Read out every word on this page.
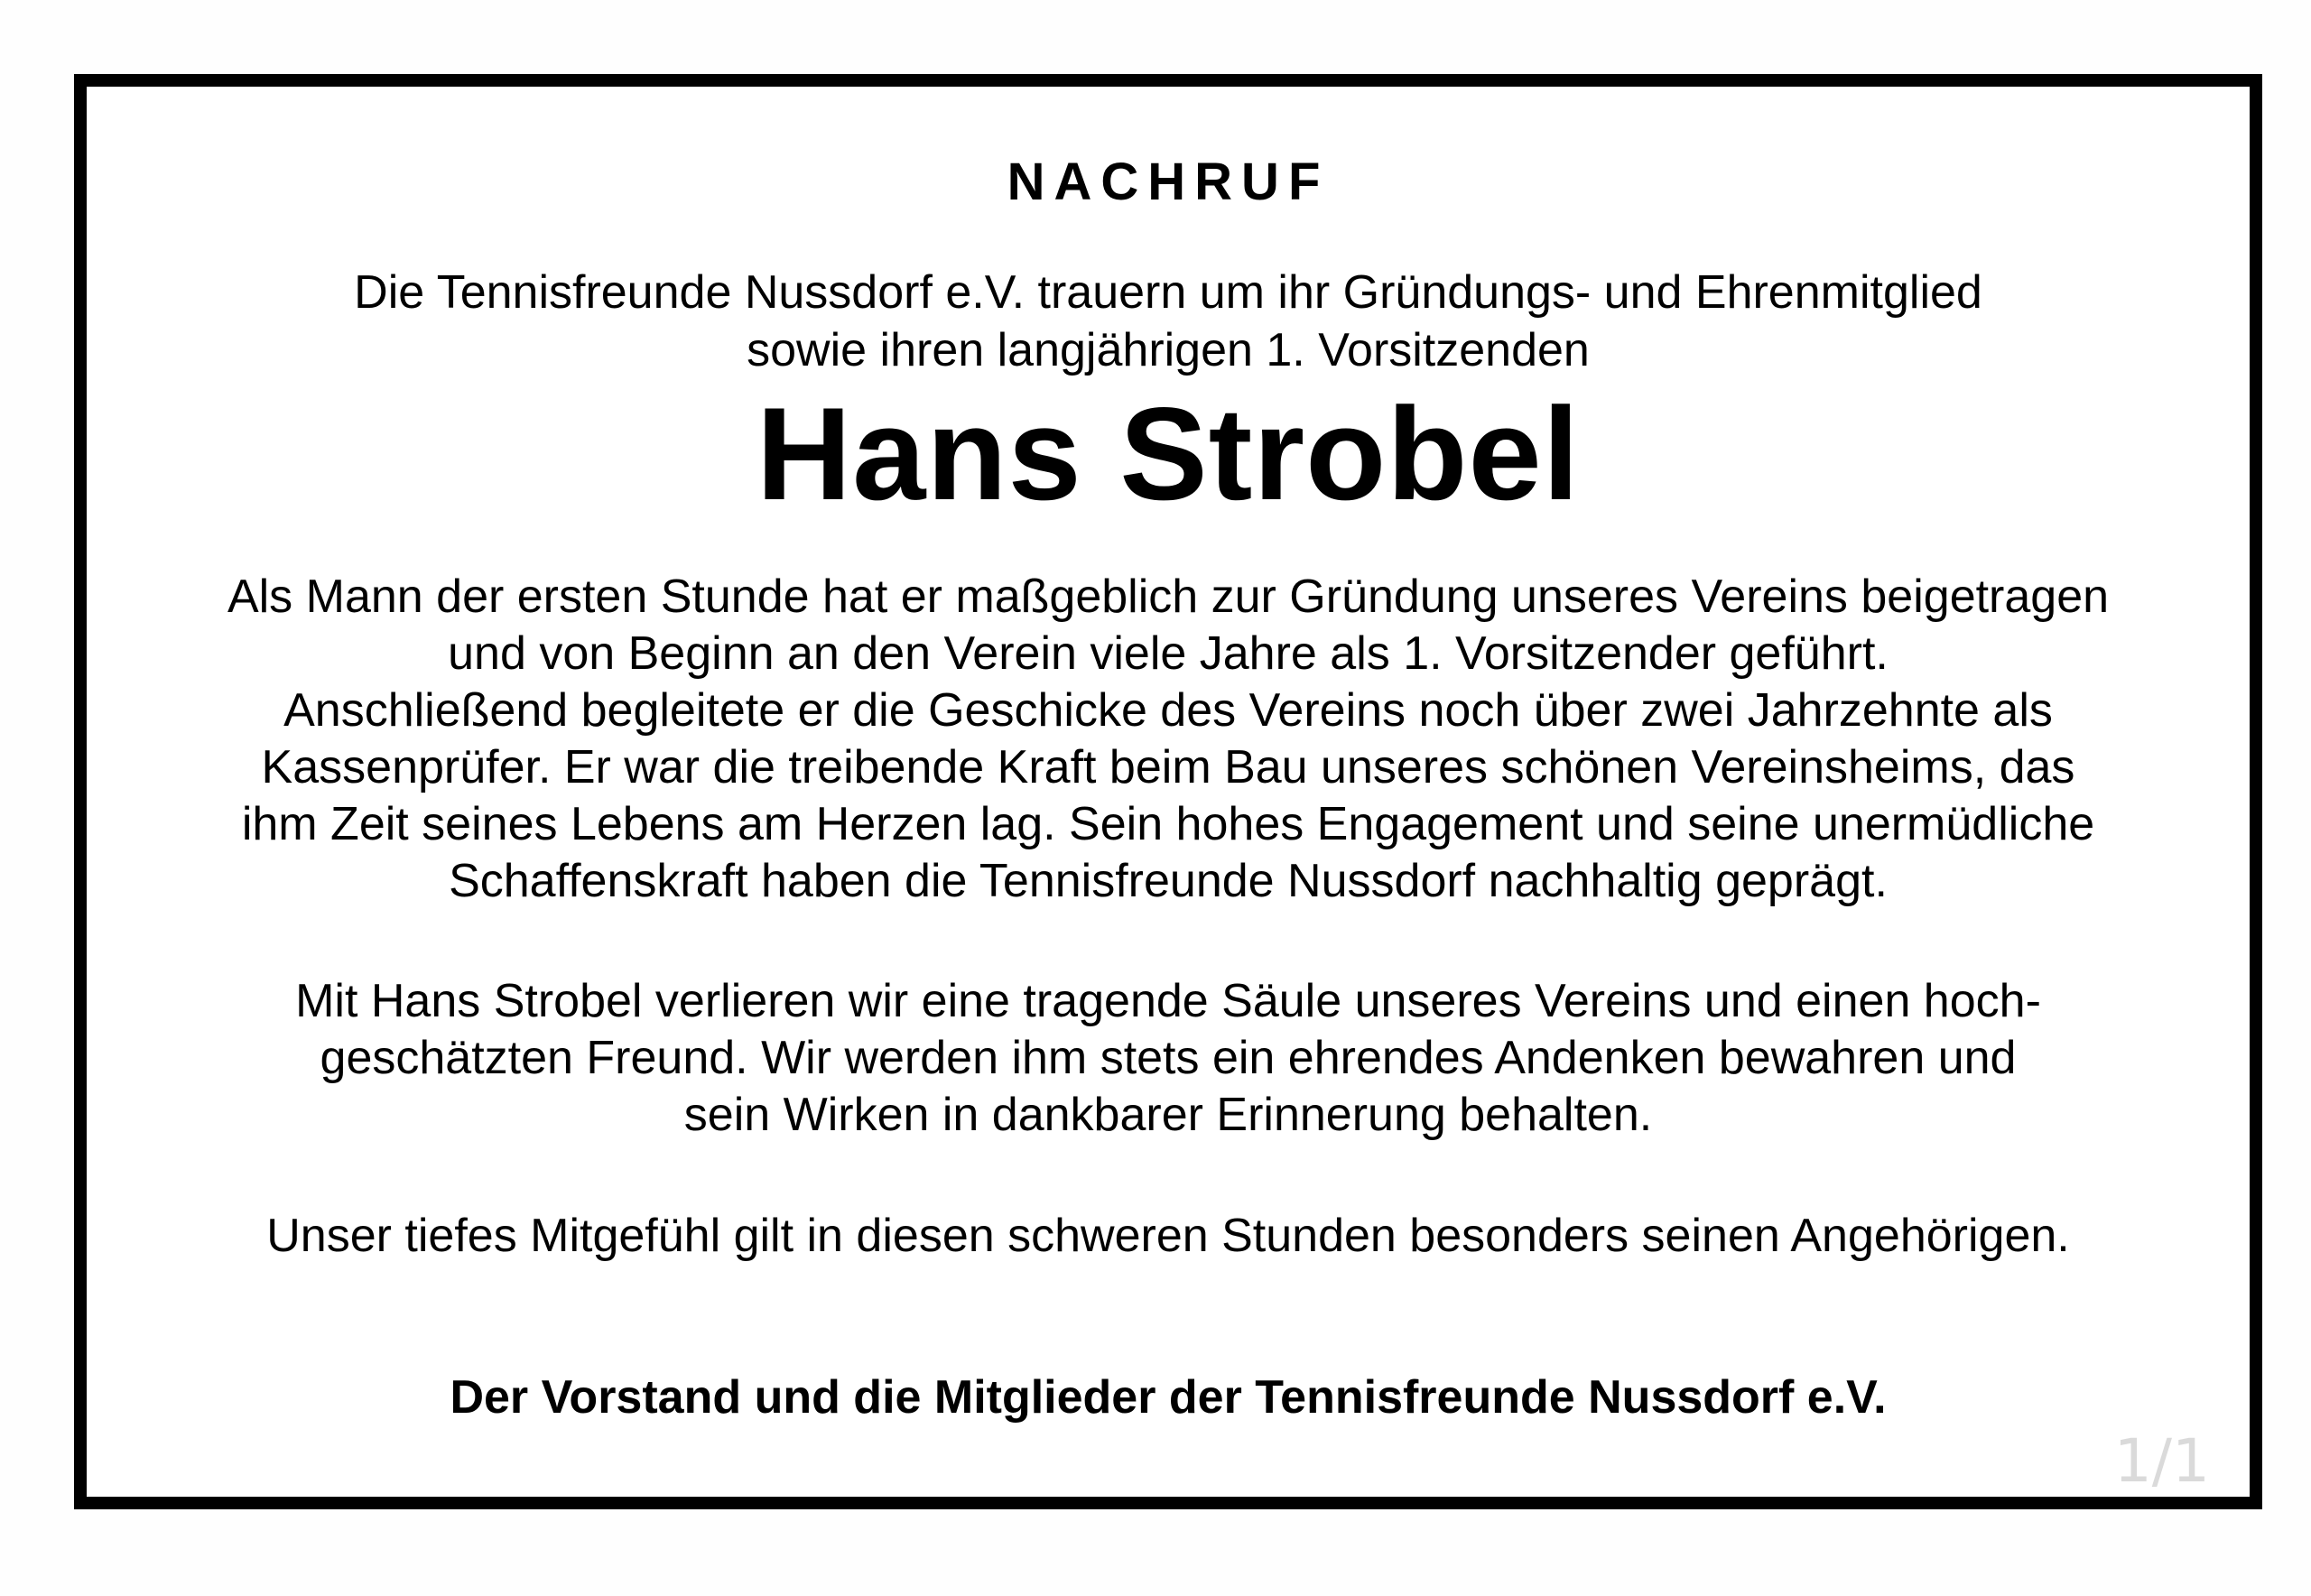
NACHRUF
Die Tennisfreunde Nussdorf e.V. trauern um ihr Gründungs- und Ehrenmitglied
sowie ihren langjährigen 1. Vorsitzenden
Hans Strobel
Als Mann der ersten Stunde hat er maßgeblich zur Gründung unseres Vereins beigetragen
und von Beginn an den Verein viele Jahre als 1. Vorsitzender geführt.
Anschließend begleitete er die Geschicke des Vereins noch über zwei Jahrzehnte als
Kassenprüfer. Er war die treibende Kraft beim Bau unseres schönen Vereinsheims, das
ihm Zeit seines Lebens am Herzen lag. Sein hohes Engagement und seine unermüdliche
Schaffenskraft haben die Tennisfreunde Nussdorf nachhaltig geprägt.
Mit Hans Strobel verlieren wir eine tragende Säule unseres Vereins und einen hoch-
geschätzten Freund. Wir werden ihm stets ein ehrendes Andenken bewahren und
sein Wirken in dankbarer Erinnerung behalten.
Unser tiefes Mitgefühl gilt in diesen schweren Stunden besonders seinen Angehörigen.
Der Vorstand und die Mitglieder der Tennisfreunde Nussdorf e.V.
1/1
